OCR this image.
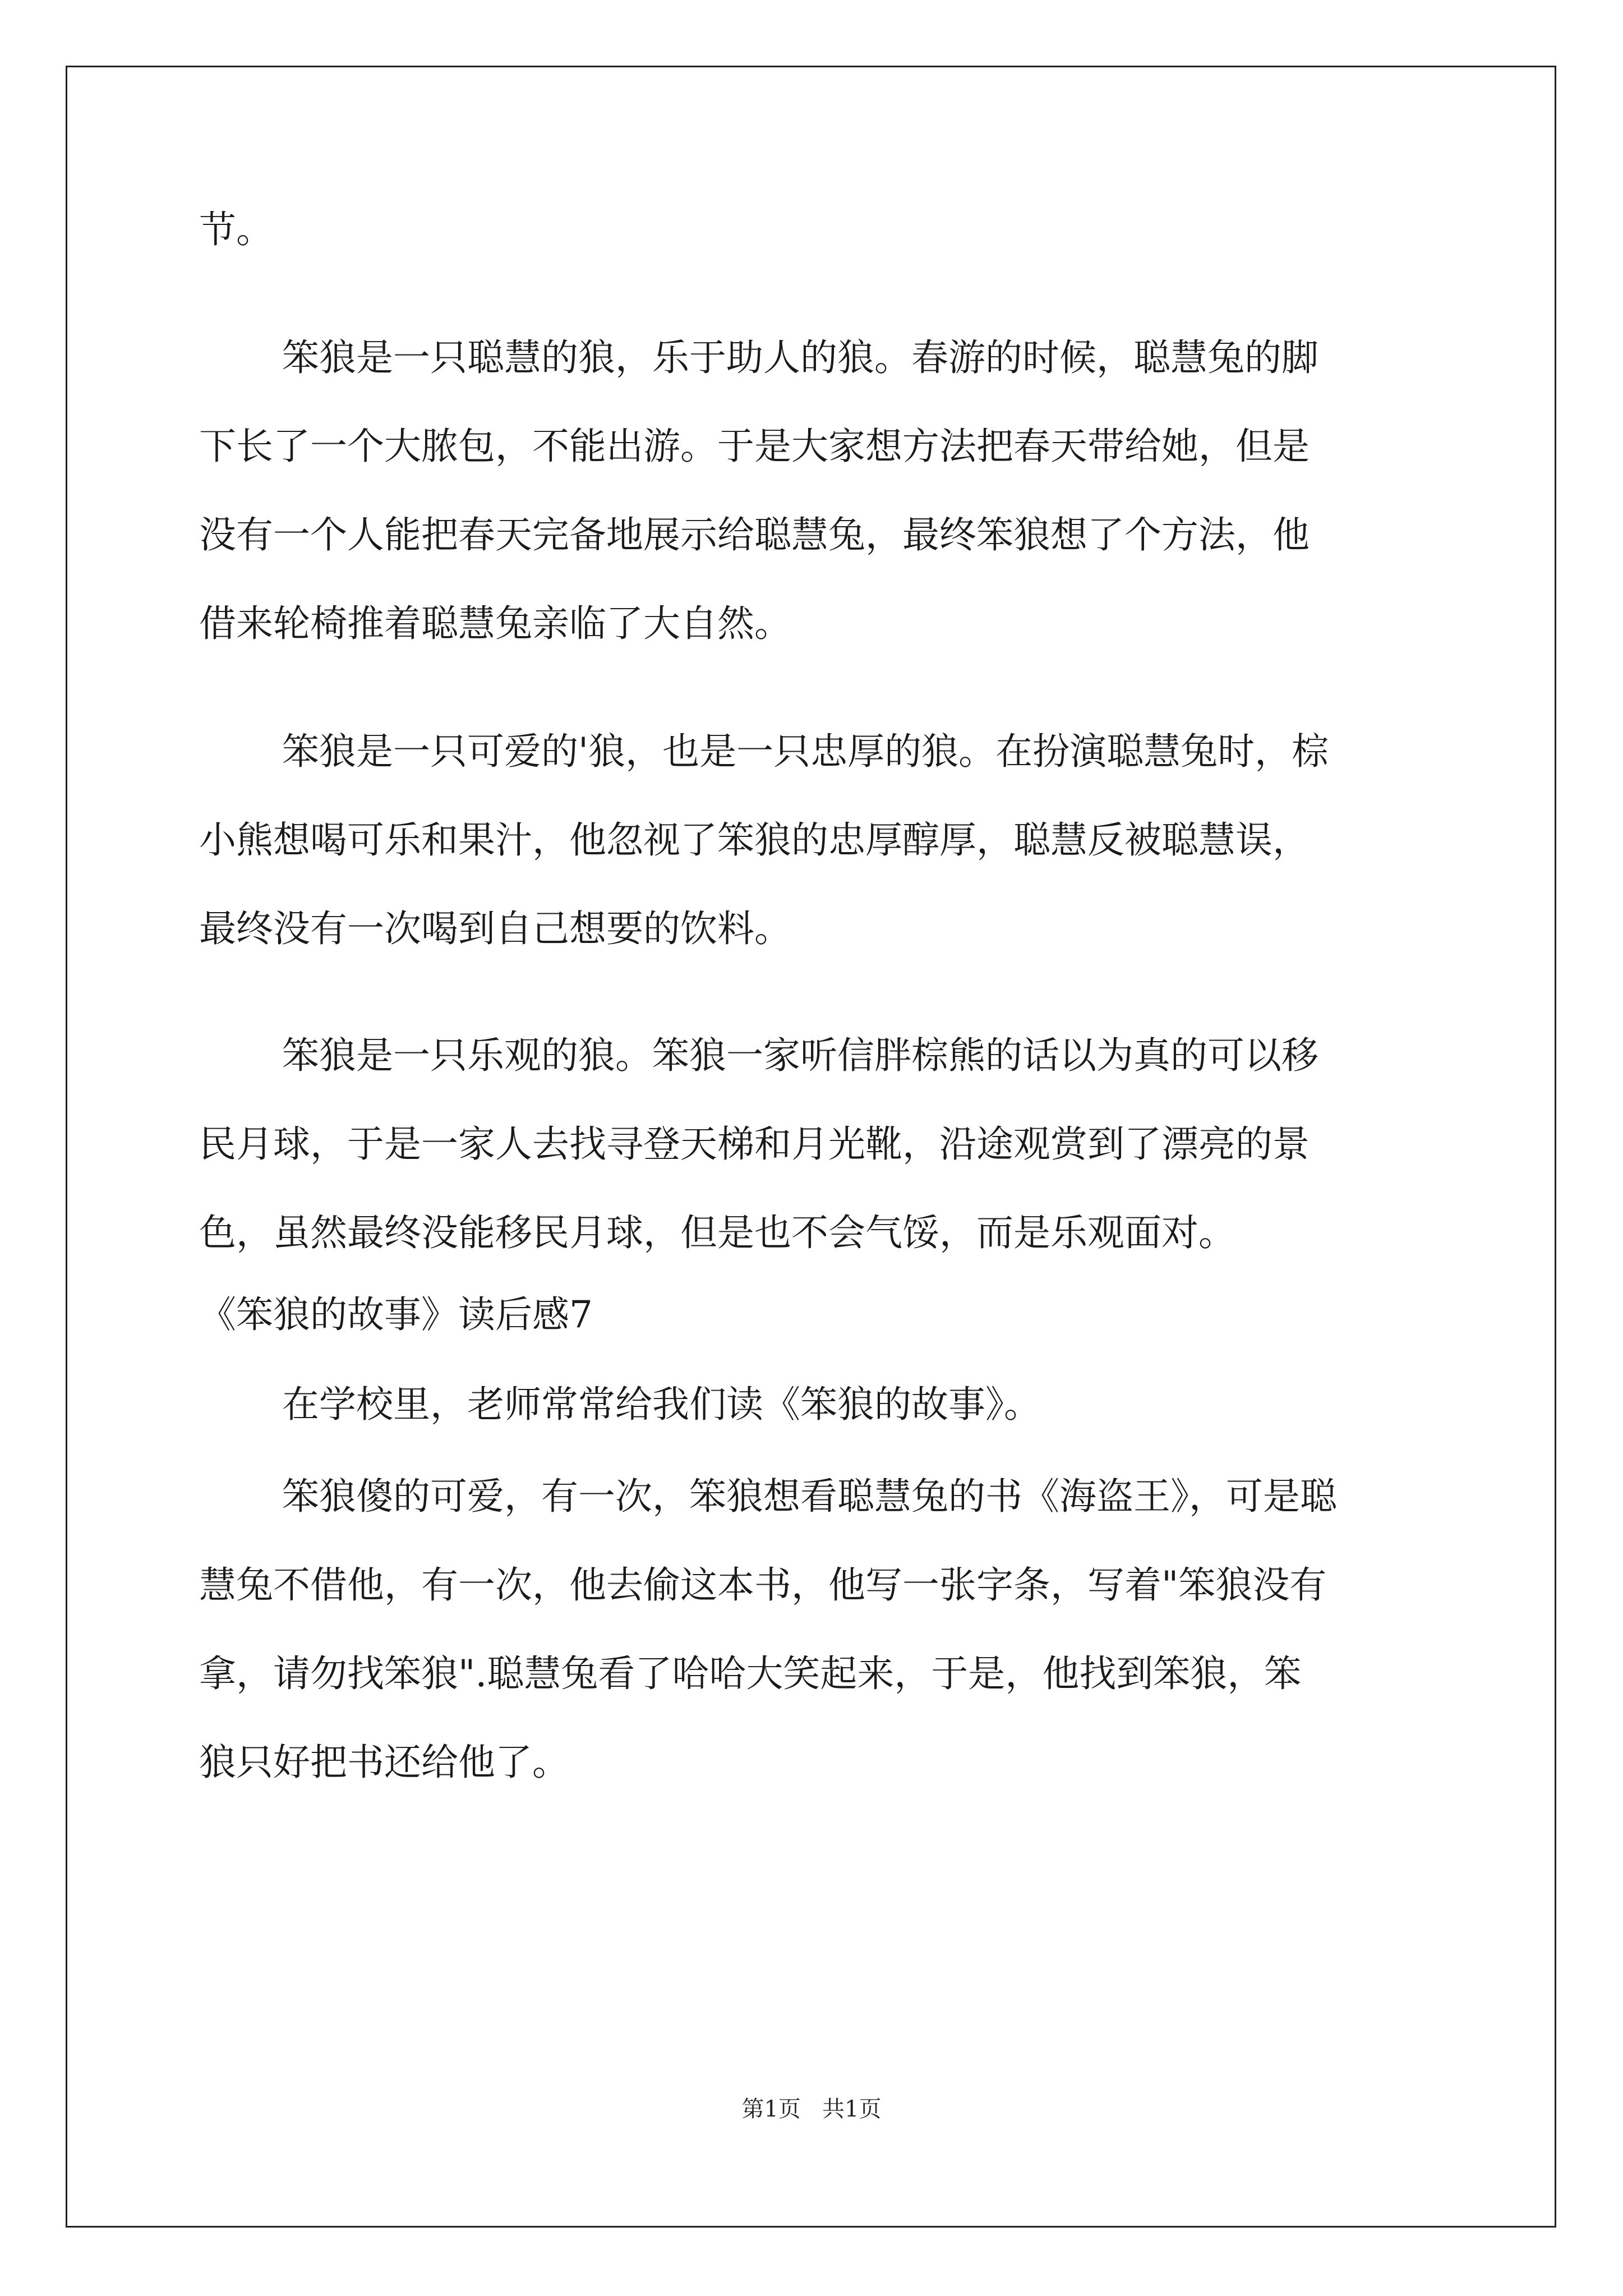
节。
笨狼是一只聪慧的狼，乐于助人的狼。春游的时候，聪慧兔的脚
下长了一个大脓包，不能出游。于是大家想方法把春天带给她，但是
没有一个人能把春天完备地展示给聪慧兔，最终笨狼想了个方法，他
借来轮椅推着聪慧兔亲临了大自然。
笨狼是一只可爱的'狼，也是一只忠厚的狼。在扮演聪慧兔时，棕
小熊想喝可乐和果汁，他忽视了笨狼的忠厚醇厚，聪慧反被聪慧误，
最终没有一次喝到自己想要的饮料。
笨狼是一只乐观的狼。笨狼一家听信胖棕熊的话以为真的可以移
民月球，于是一家人去找寻登天梯和月光靴，沿途观赏到了漂亮的景
色，虽然最终没能移民月球，但是也不会气馁，而是乐观面对。
《笨狼的故事》读后感7
在学校里，老师常常给我们读《笨狼的故事》。
笨狼傻的可爱，有一次，笨狼想看聪慧兔的书《海盗王》，可是聪
慧兔不借他，有一次，他去偷这本书，他写一张字条，写着"笨狼没有
拿，请勿找笨狼".聪慧兔看了哈哈大笑起来，于是，他找到笨狼，笨
狼只好把书还给他了。
第1页   共1页
